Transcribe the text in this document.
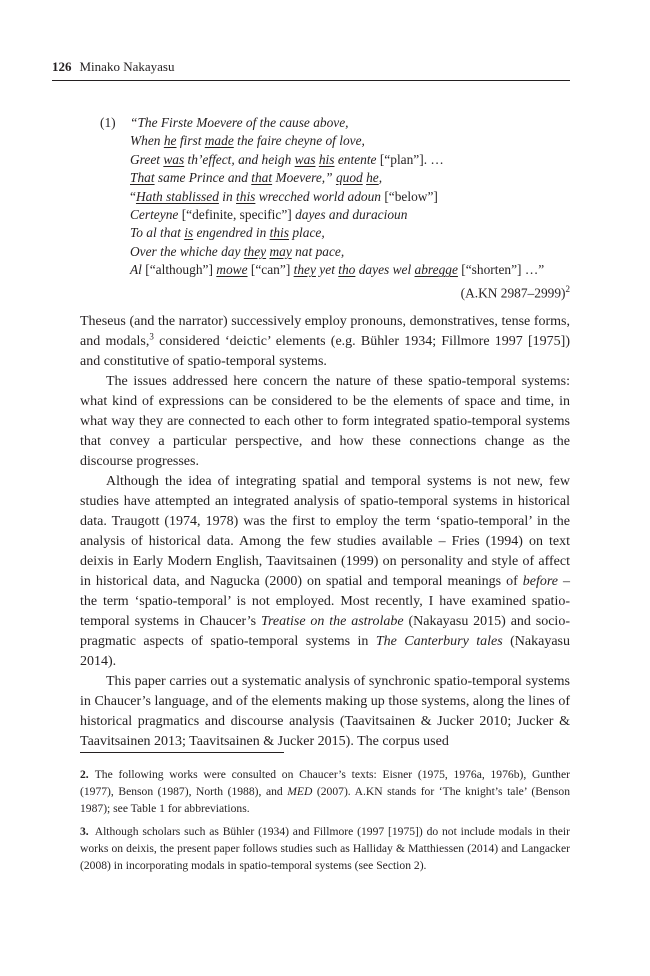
126 Minako Nakayasu
(1) “The Firste Moevere of the cause above,
When he first made the faire cheyne of love,
Greet was th’effect, and heigh was his entente [“plan”]. …
That same Prince and that Moevere,” quod he,
“Hath stablissed in this wrecched world adoun [“below”]
Certeyne [“definite, specific”] dayes and duracioun
To al that is engendred in this place,
Over the whiche day they may nat pace,
Al [“although”] mowe [“can”] they yet tho dayes wel abregge [“shorten”] …”
(A.KN 2987–2999)$^2$

Theseus (and the narrator) successively employ pronouns, demonstratives, tense forms, and modals,$^3$ considered ‘deictic’ elements (e.g. Bühler 1934; Fillmore 1997 [1975]) and constitutive of spatio-temporal systems.

The issues addressed here concern the nature of these spatio-temporal systems: what kind of expressions can be considered to be the elements of space and time, in what way they are connected to each other to form integrated spatio-temporal systems that convey a particular perspective, and how these connections change as the discourse progresses.

Although the idea of integrating spatial and temporal systems is not new, few studies have attempted an integrated analysis of spatio-temporal systems in historical data. Traugott (1974, 1978) was the first to employ the term ‘spatio-temporal’ in the analysis of historical data. Among the few studies available – Fries (1994) on text deixis in Early Modern English, Taavitsainen (1999) on personality and style of affect in historical data, and Nagucka (2000) on spatial and temporal meanings of before – the term ‘spatio-temporal’ is not employed. Most recently, I have examined spatio-temporal systems in Chaucer’s Treatise on the astrolabe (Nakayasu 2015) and socio-pragmatic aspects of spatio-temporal systems in The Canterbury tales (Nakayasu 2014).

This paper carries out a systematic analysis of synchronic spatio-temporal systems in Chaucer’s language, and of the elements making up those systems, along the lines of historical pragmatics and discourse analysis (Taavitsainen & Jucker 2010; Jucker & Taavitsainen 2013; Taavitsainen & Jucker 2015). The corpus used

2. The following works were consulted on Chaucer’s texts: Eisner (1975, 1976a, 1976b), Gunther (1977), Benson (1987), North (1988), and MED (2007). A.KN stands for ‘The knight’s tale’ (Benson 1987); see Table 1 for abbreviations.

3. Although scholars such as Bühler (1934) and Fillmore (1997 [1975]) do not include modals in their works on deixis, the present paper follows studies such as Halliday & Matthiessen (2014) and Langacker (2008) in incorporating modals in spatio-temporal systems (see Section 2).
